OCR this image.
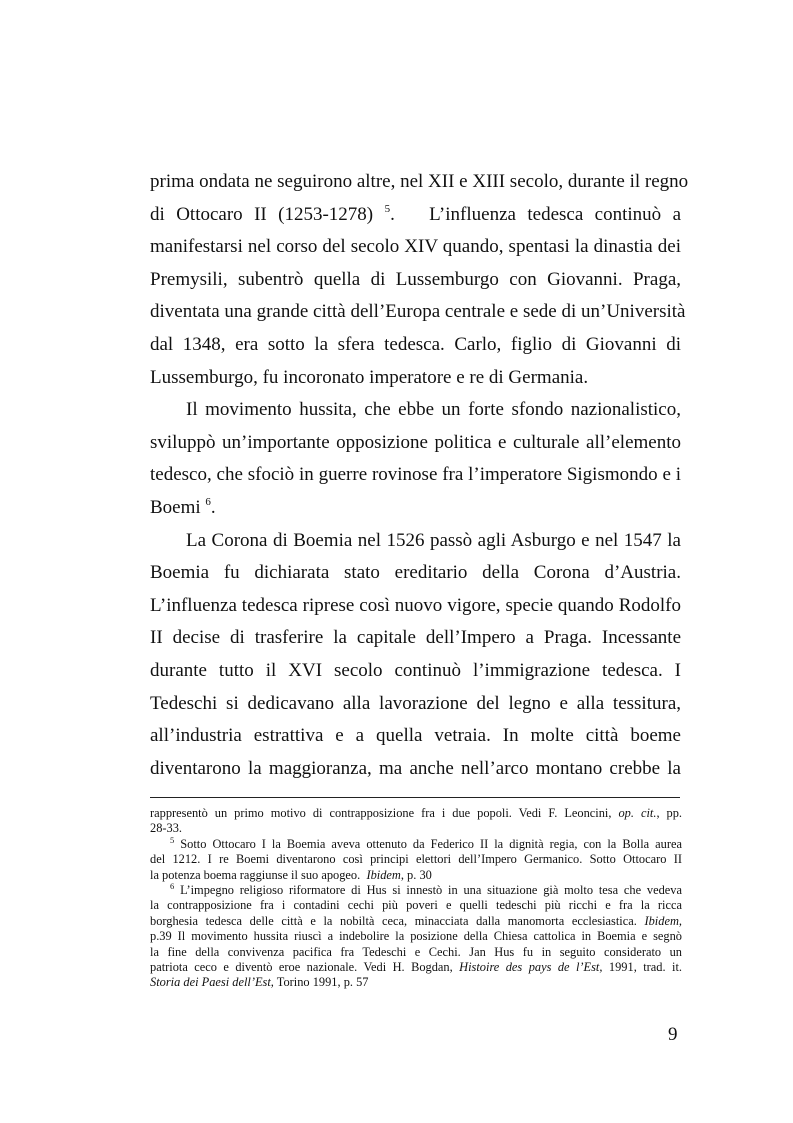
prima ondata ne seguirono altre, nel XII e XIII secolo, durante il regno
di Ottocaro II (1253-1278) $^5$. L’influenza tedesca continuò a
manifestarsi nel corso del secolo XIV quando, spentasi la dinastia dei
Premysili, subentrò quella di Lussemburgo con Giovanni. Praga,
diventata una grande città dell’Europa centrale e sede di un’Università
dal 1348, era sotto la sfera tedesca. Carlo, figlio di Giovanni di
Lussemburgo, fu incoronato imperatore e re di Germania.
Il movimento hussita, che ebbe un forte sfondo nazionalistico,
sviluppò un’importante opposizione politica e culturale all’elemento
tedesco, che sfociò in guerre rovinose fra l’imperatore Sigismondo e i
Boemi $^6$.
La Corona di Boemia nel 1526 passò agli Asburgo e nel 1547 la
Boemia fu dichiarata stato ereditario della Corona d’Austria.
L’influenza tedesca riprese così nuovo vigore, specie quando Rodolfo
II decise di trasferire la capitale dell’Impero a Praga. Incessante
durante tutto il XVI secolo continuò l’immigrazione tedesca. I
Tedeschi si dedicavano alla lavorazione del legno e alla tessitura,
all’industria estrattiva e a quella vetraia. In molte città boeme
diventarono la maggioranza, ma anche nell’arco montano crebbe la
rappresentò un primo motivo di contrapposizione fra i due popoli. Vedi F. Leoncini, op. cit., pp.
28-33.
$^5$ Sotto Ottocaro I la Boemia aveva ottenuto da Federico II la dignità regia, con la Bolla aurea
del 1212. I re Boemi diventarono così principi elettori dell’Impero Germanico. Sotto Ottocaro II
la potenza boema raggiunse il suo apogeo. Ibidem, p. 30
$^6$ L’impegno religioso riformatore di Hus si innestò in una situazione già molto tesa che vedeva
la contrapposizione fra i contadini cechi più poveri e quelli tedeschi più ricchi e fra la ricca
borghesia tedesca delle città e la nobiltà ceca, minacciata dalla manomorta ecclesiastica. Ibidem,
p.39 Il movimento hussita riuscì a indebolire la posizione della Chiesa cattolica in Boemia e segnò
la fine della convivenza pacifica fra Tedeschi e Cechi. Jan Hus fu in seguito considerato un
patriota ceco e diventò eroe nazionale. Vedi H. Bogdan, Histoire des pays de l’Est, 1991, trad. it.
Storia dei Paesi dell’Est, Torino 1991, p. 57
9
